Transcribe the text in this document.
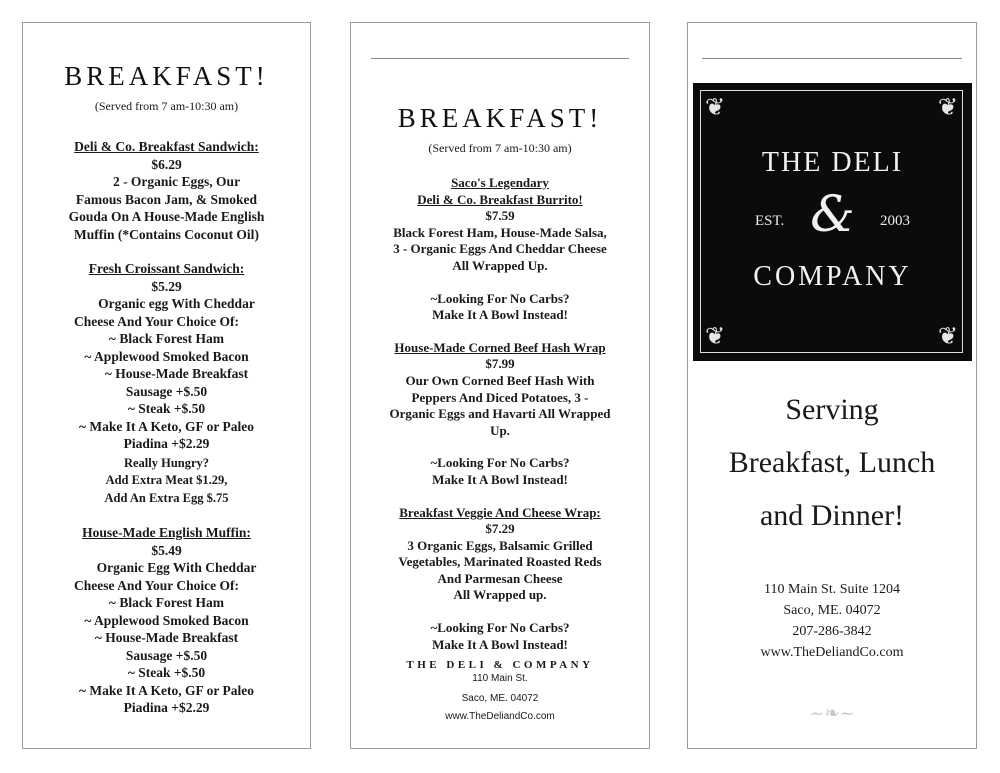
BREAKFAST!

(Served from 7 am-10:30 am)

Deli & Co. Breakfast Sandwich:
$6.29
2 - Organic Eggs, Our
Famous Bacon Jam, & Smoked
Gouda On A House-Made English
Muffin (*Contains Coconut Oil)
Fresh Croissant Sandwich:
$5.29
Organic egg With Cheddar
Cheese And Your Choice Of:
~ Black Forest Ham
~ Applewood Smoked Bacon
~ House-Made Breakfast
Sausage +$.50
~ Steak +$.50
~ Make It A Keto, GF or Paleo
Piadina +$2.29
Really Hungry?
Add Extra Meat $1.29,
Add An Extra Egg $.75
House-Made English Muffin:
$5.49
Organic Egg With Cheddar
Cheese And Your Choice Of:
~ Black Forest Ham
~ Applewood Smoked Bacon
~ House-Made Breakfast
Sausage +$.50
~ Steak +$.50
~ Make It A Keto, GF or Paleo
Piadina +$2.29
BREAKFAST!

(Served from 7 am-10:30 am)

Saco's Legendary
Deli & Co. Breakfast Burrito!
$7.59
Black Forest Ham, House-Made Salsa,
3 - Organic Eggs And Cheddar Cheese
All Wrapped Up.
~Looking For No Carbs?
Make It A Bowl Instead!
House-Made Corned Beef Hash Wrap
$7.99
Our Own Corned Beef Hash With
Peppers And Diced Potatoes, 3 -
Organic Eggs and Havarti All Wrapped
Up.
~Looking For No Carbs?
Make It A Bowl Instead!
Breakfast Veggie And Cheese Wrap:
$7.29
3 Organic Eggs, Balsamic Grilled
Vegetables, Marinated Roasted Reds
And Parmesan Cheese
All Wrapped up.
~Looking For No Carbs?
Make It A Bowl Instead!
THE DELI & COMPANY
110 Main St.
Saco, ME. 04072
www.TheDeliandCo.com
❦	❦
❦	❦
THE DELI
EST. &	2003
COMPANY
Serving
Breakfast, Lunch
and Dinner!
110 Main St. Suite 1204
Saco, ME. 04072
207-286-3842
www.TheDeliandCo.com
~❧~
